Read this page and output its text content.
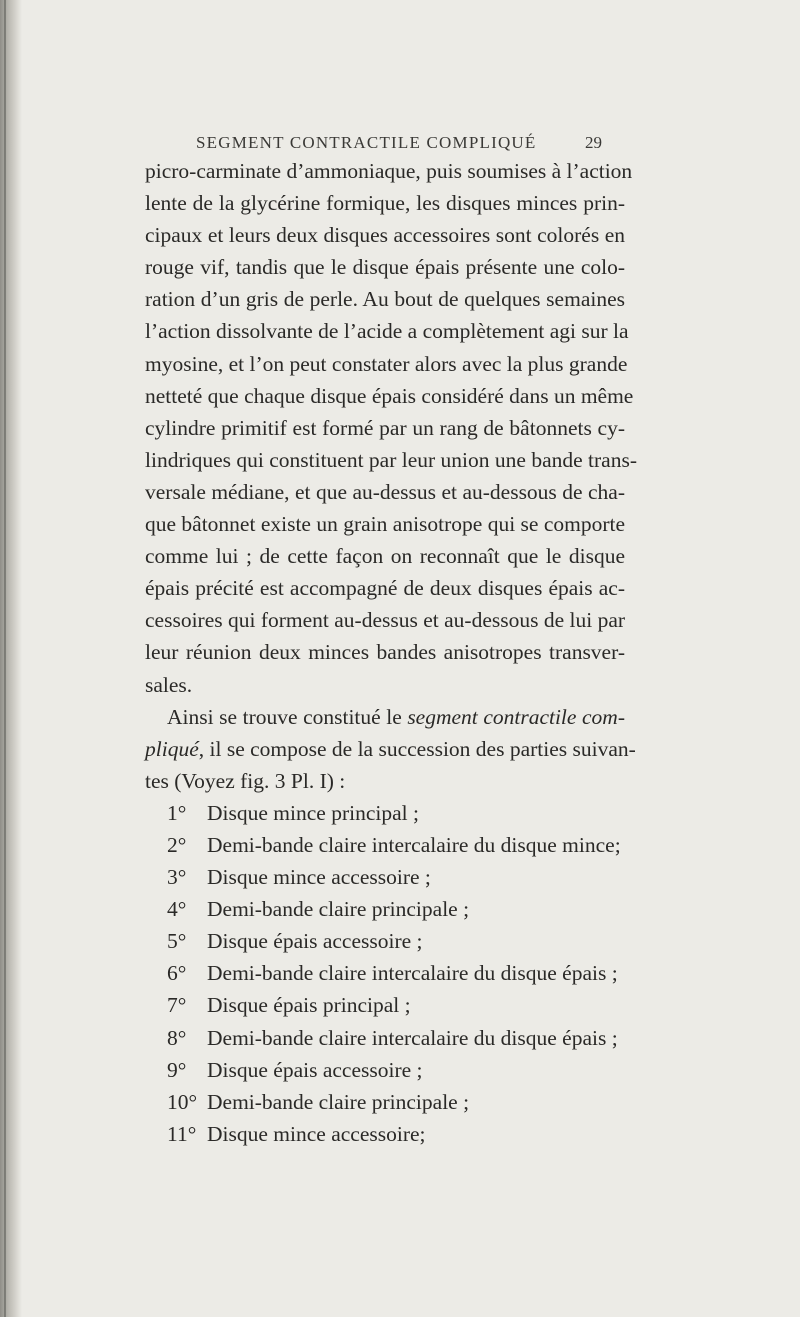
SEGMENT CONTRACTILE COMPLIQUÉ	29
picro-carminate d’ammoniaque, puis soumises à l’action
lente de la glycérine formique, les disques minces prin-
cipaux et leurs deux disques accessoires sont colorés en
rouge vif, tandis que le disque épais présente une colo-
ration d’un gris de perle. Au bout de quelques semaines
l’action dissolvante de l’acide a complètement agi sur la
myosine, et l’on peut constater alors avec la plus grande
netteté que chaque disque épais considéré dans un même
cylindre primitif est formé par un rang de bâtonnets cy-
lindriques qui constituent par leur union une bande trans-
versale médiane, et que au-dessus et au-dessous de cha-
que bâtonnet existe un grain anisotrope qui se comporte
comme lui ; de cette façon on reconnaît que le disque
épais précité est accompagné de deux disques épais ac-
cessoires qui forment au-dessus et au-dessous de lui par
leur réunion deux minces bandes anisotropes transver-
sales.
Ainsi se trouve constitué le segment contractile com-
pliqué, il se compose de la succession des parties suivan-
tes (Voyez fig. 3 Pl. I) :
1° Disque mince principal ;
2° Demi-bande claire intercalaire du disque mince;
3° Disque mince accessoire ;
4° Demi-bande claire principale ;
5° Disque épais accessoire ;
6° Demi-bande claire intercalaire du disque épais ;
7° Disque épais principal ;
8° Demi-bande claire intercalaire du disque épais ;
9° Disque épais accessoire ;
10° Demi-bande claire principale ;
11° Disque mince accessoire;
